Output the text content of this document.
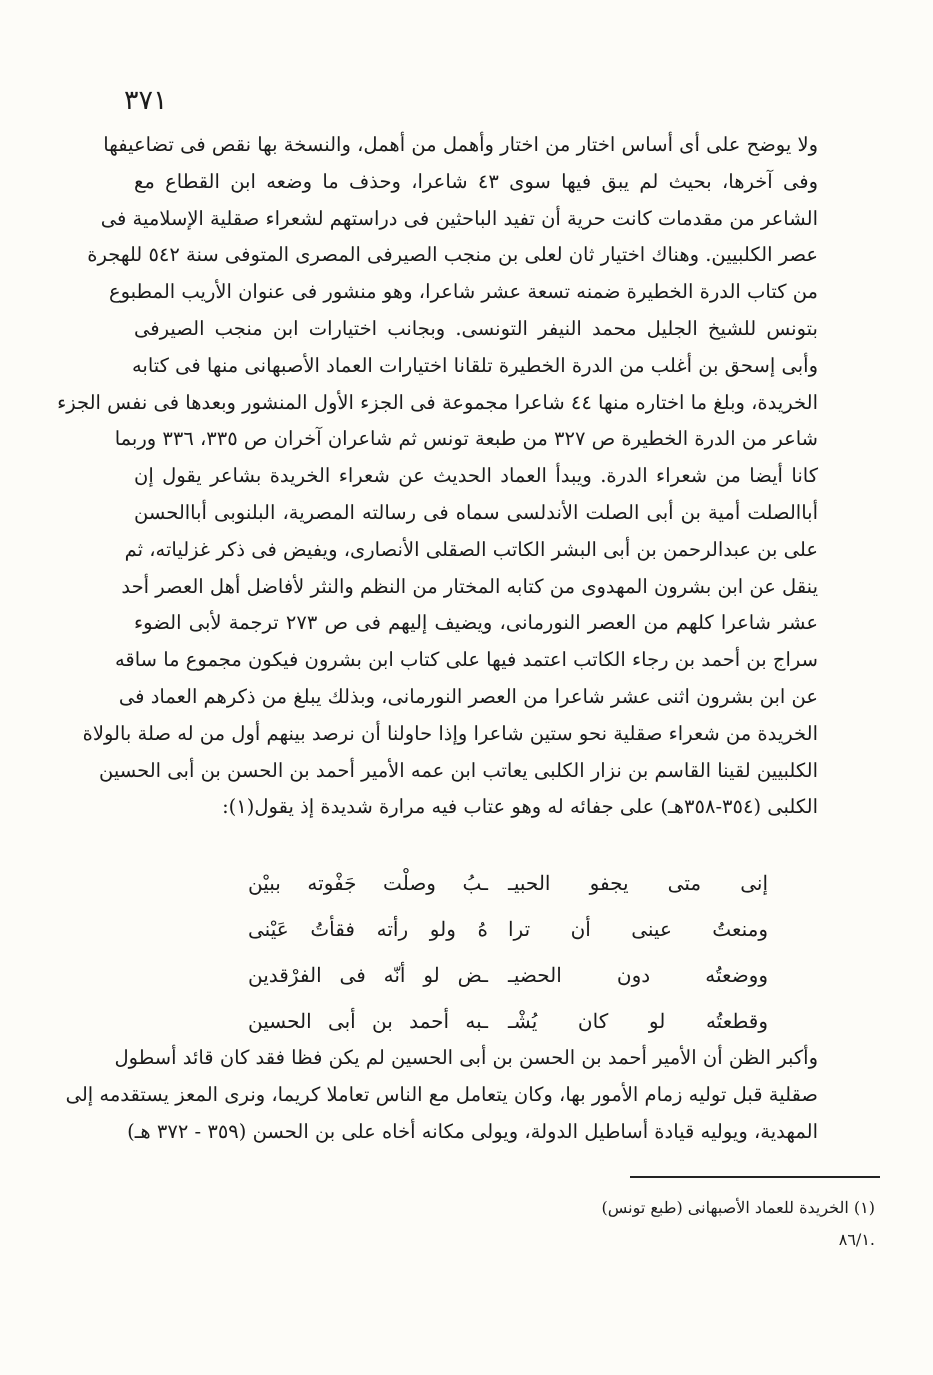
٣٧١
ولا يوضح على أى أساس اختار من اختار وأهمل من أهمل، والنسخة بها نقص فى تضاعيفها
وفى آخرها، بحيث لم يبق فيها سوى ٤٣ شاعرا، وحذف ما وضعه ابن القطاع مع
الشاعر من مقدمات كانت حرية أن تفيد الباحثين فى دراستهم لشعراء صقلية الإسلامية فى
عصر الكلبيين. وهناك اختيار ثان لعلى بن منجب الصيرفى المصرى المتوفى سنة ٥٤٢ للهجرة
من كتاب الدرة الخطيرة ضمنه تسعة عشر شاعرا، وهو منشور فى عنوان الأريب المطبوع
بتونس للشيخ الجليل محمد النيفر التونسى. وبجانب اختيارات ابن منجب الصيرفى
وأبى إسحق بن أغلب من الدرة الخطيرة تلقانا اختيارات العماد الأصبهانى منها فى كتابه
الخريدة، وبلغ ما اختاره منها ٤٤ شاعرا مجموعة فى الجزء الأول المنشور وبعدها فى نفس الجزء
شاعر من الدرة الخطيرة ص ٣٢٧ من طبعة تونس ثم شاعران آخران ص ٣٣٥، ٣٣٦ وربما
كانا أيضا من شعراء الدرة. ويبدأ العماد الحديث عن شعراء الخريدة بشاعر يقول إن
أباالصلت أمية بن أبى الصلت الأندلسى سماه فى رسالته المصرية، البلنوبى أباالحسن
على بن عبدالرحمن بن أبى البشر الكاتب الصقلى الأنصارى، ويفيض فى ذكر غزلياته، ثم
ينقل عن ابن بشرون المهدوى من كتابه المختار من النظم والنثر لأفاضل أهل العصر أحد
عشر شاعرا كلهم من العصر النورمانى، ويضيف إليهم فى ص ٢٧٣ ترجمة لأبى الضوء
سراج بن أحمد بن رجاء الكاتب اعتمد فيها على كتاب ابن بشرون فيكون مجموع ما ساقه
عن ابن بشرون اثنى عشر شاعرا من العصر النورمانى، وبذلك يبلغ من ذكرهم العماد فى
الخريدة من شعراء صقلية نحو ستين شاعرا وإذا حاولنا أن نرصد بينهم أول من له صلة بالولاة
الكلبيين لقينا القاسم بن نزار الكلبى يعاتب ابن عمه الأمير أحمد بن الحسن بن أبى الحسين
الكلبى (٣٥٤-٣٥٨هـ) على جفائه له وهو عتاب فيه مرارة شديدة إذ يقول(١):
إنى متى يجفو الحبيـ
ـبُ وصلْت جَفْوته ببيْن
ومنعتُ عينى أن ترا
هُ ولو رأته فقأتُ عَيْنى
ووضعتُه دون الحضيـ
ـض لو أنّه فى الفرْقدين
وقطعتُه لو كان يُشْـ
ـبه أحمد بن أبى الحسين
وأكبر الظن أن الأمير أحمد بن الحسن بن أبى الحسين لم يكن فظا فقد كان قائد أسطول
صقلية قبل توليه زمام الأمور بها، وكان يتعامل مع الناس تعاملا كريما، ونرى المعز يستقدمه إلى
المهدية، ويوليه قيادة أساطيل الدولة، ويولى مكانه أخاه على بن الحسن (٣٥٩ - ٣٧٢ هـ)
(١) الخريدة للعماد الأصبهانى (طبع تونس)
.٨٦/١
